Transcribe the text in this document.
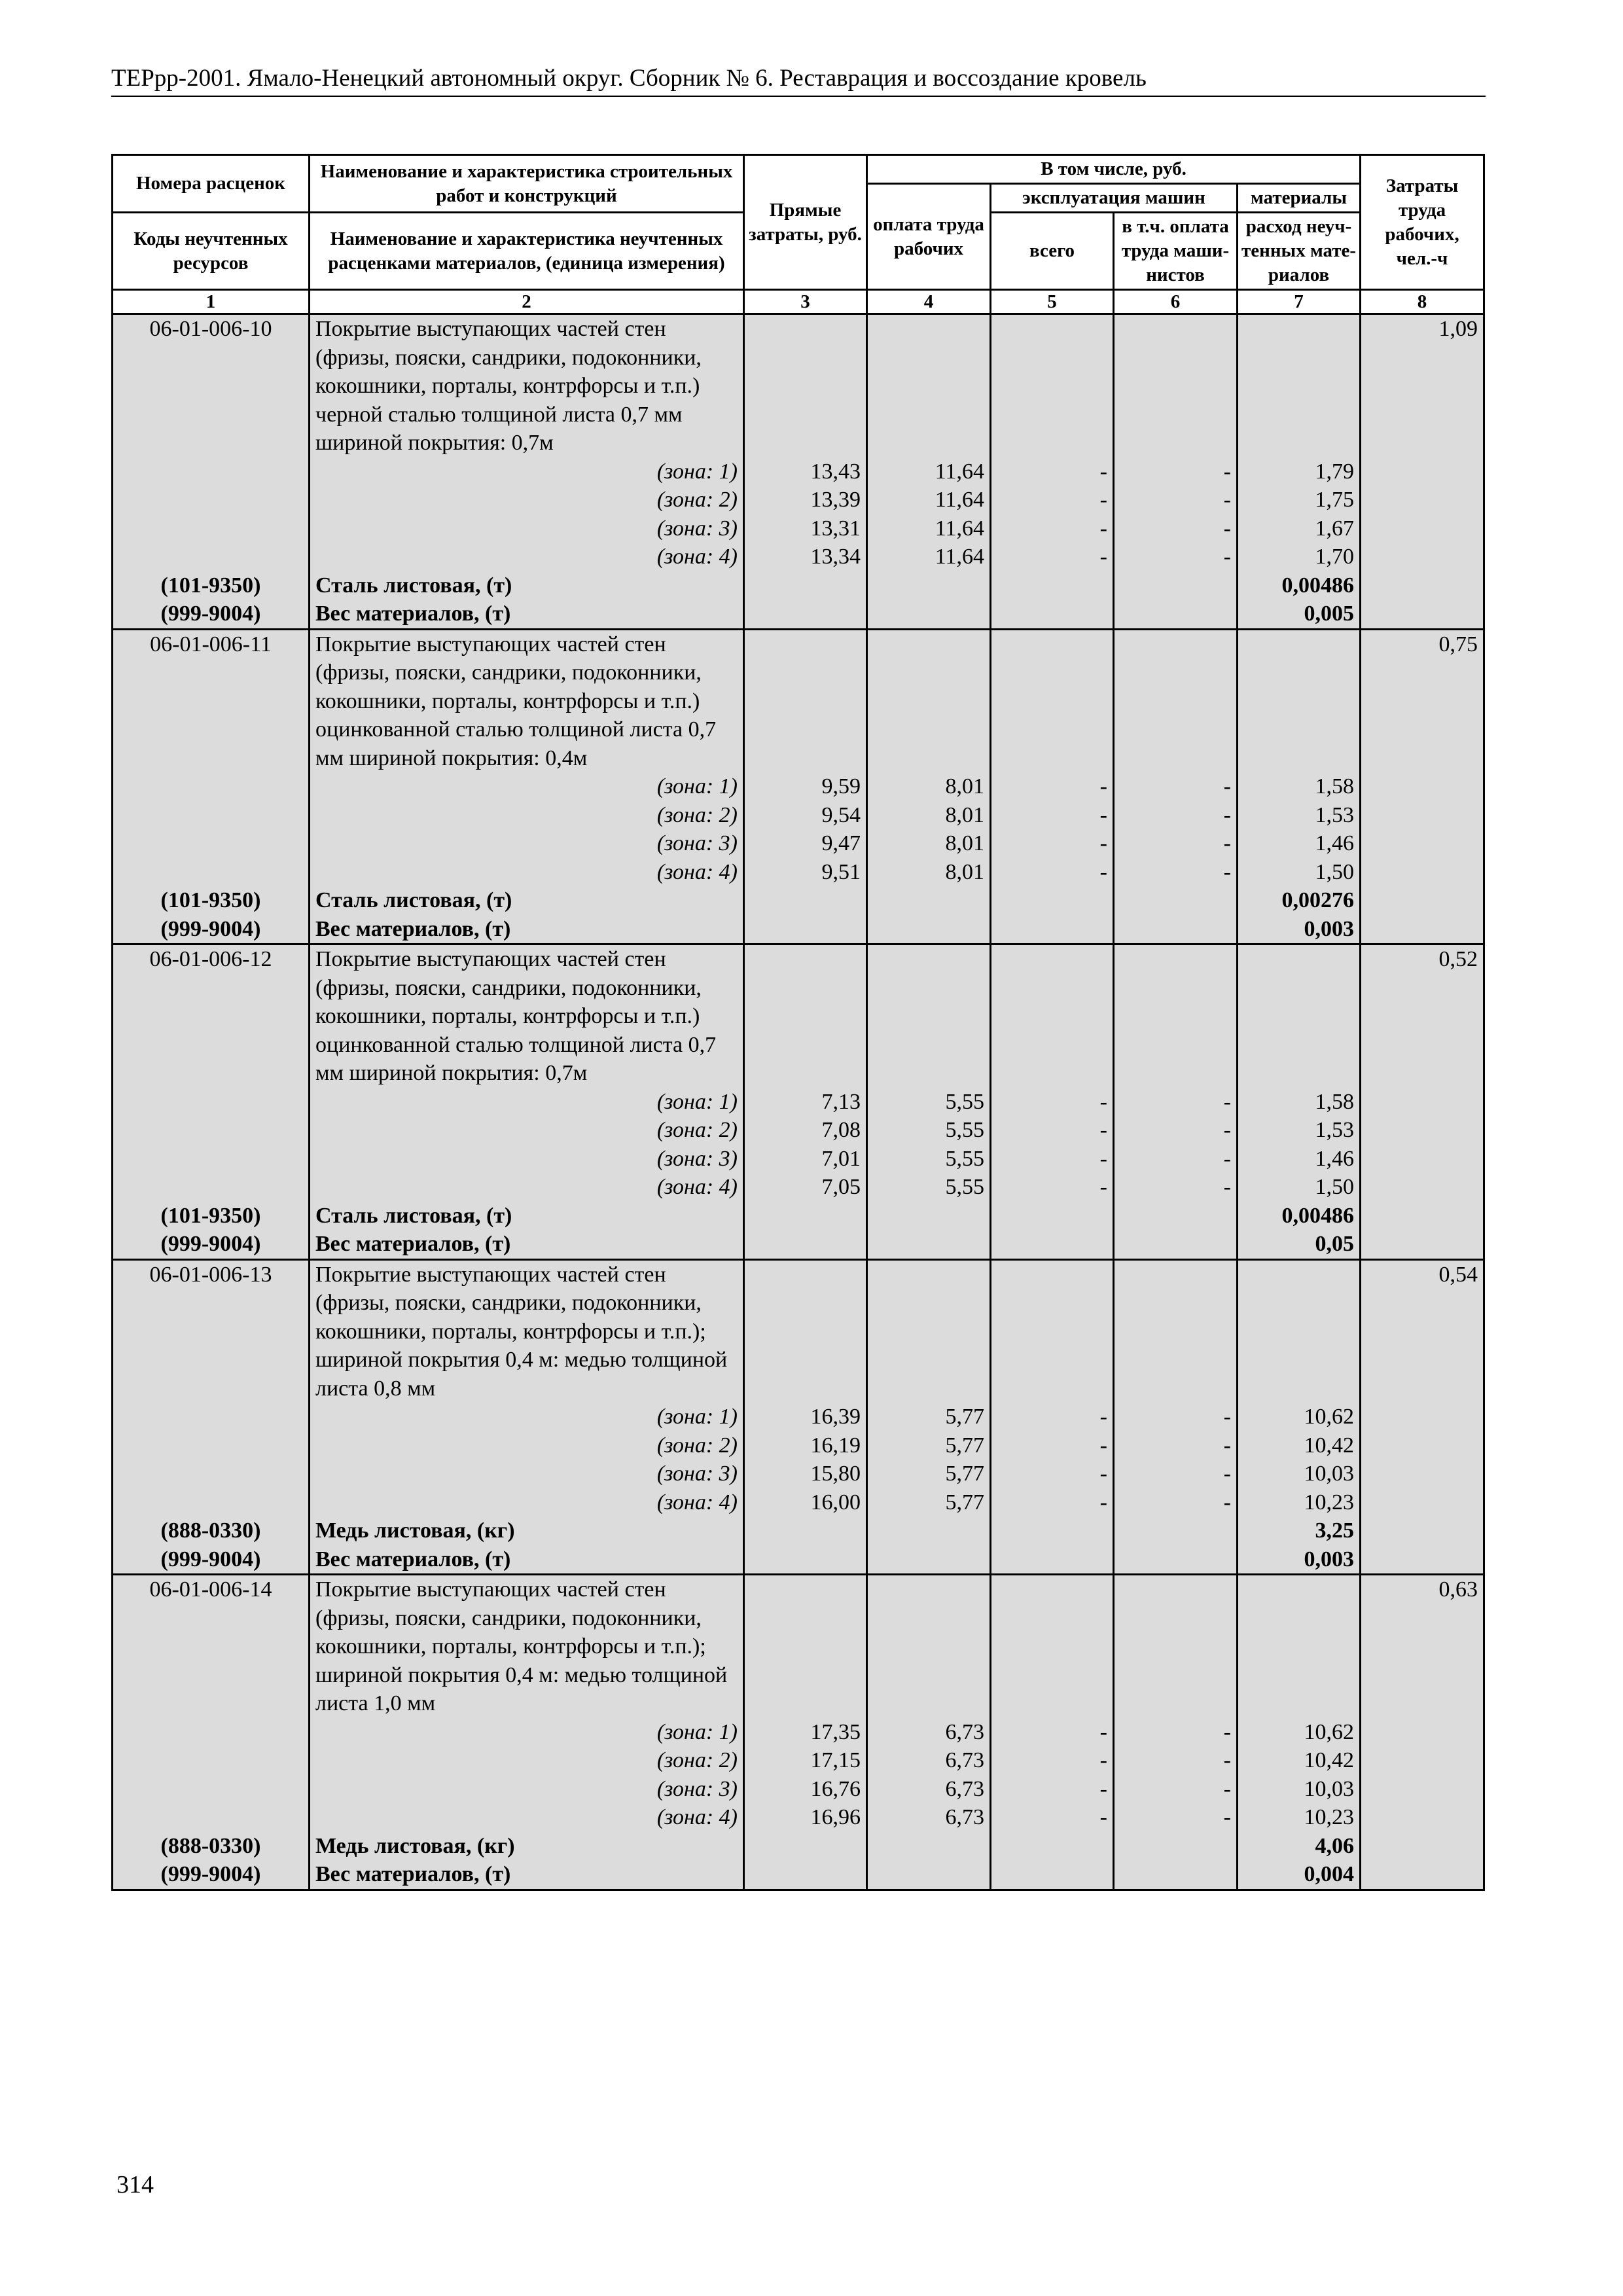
ТЕРрр-2001. Ямало-Ненецкий автономный округ. Сборник № 6. Реставрация и воссоздание кровель
Номера расценок	Наименование и характеристика строительных работ и конструкций	Прямые затраты, руб.	В том числе, руб.				Затраты труда рабочих, чел.-ч
			оплата труда рабочих	эксплуатация машин		материалы	
Коды неучтенных ресурсов	Наименование и характеристика неучтенных расценками материалов, (единица измерения)			всего	в т.ч. оплата труда маши-нистов	расход неуч-тенных мате-риалов	

1	2	3	4	5	6	7	8
06-01-006-10	Покрытие выступающих частей стен (фризы, пояски, сандрики, подоконники, кокошники, порталы, контрфорсы и т.п.) черной сталью толщиной листа 0,7 мм шириной покрытия: 0,7м						1,09
	(зона: 1)	13,43	11,64	-	-	1,79	
	(зона: 2)	13,39	11,64	-	-	1,75	
	(зона: 3)	13,31	11,64	-	-	1,67	
	(зона: 4)	13,34	11,64	-	-	1,70	
(101-9350)	Сталь листовая, (т)					0,00486	
(999-9004)	Вес материалов, (т)					0,005	
06-01-006-11	Покрытие выступающих частей стен (фризы, пояски, сандрики, подоконники, кокошники, порталы, контрфорсы и т.п.) оцинкованной сталью толщиной листа 0,7 мм шириной покрытия: 0,4м						0,75
	(зона: 1)	9,59	8,01	-	-	1,58	
	(зона: 2)	9,54	8,01	-	-	1,53	
	(зона: 3)	9,47	8,01	-	-	1,46	
	(зона: 4)	9,51	8,01	-	-	1,50	
(101-9350)	Сталь листовая, (т)					0,00276	
(999-9004)	Вес материалов, (т)					0,003	
06-01-006-12	Покрытие выступающих частей стен (фризы, пояски, сандрики, подоконники, кокошники, порталы, контрфорсы и т.п.) оцинкованной сталью толщиной листа 0,7 мм шириной покрытия: 0,7м						0,52
	(зона: 1)	7,13	5,55	-	-	1,58	
	(зона: 2)	7,08	5,55	-	-	1,53	
	(зона: 3)	7,01	5,55	-	-	1,46	
	(зона: 4)	7,05	5,55	-	-	1,50	
(101-9350)	Сталь листовая, (т)					0,00486	
(999-9004)	Вес материалов, (т)					0,05	
06-01-006-13	Покрытие выступающих частей стен (фризы, пояски, сандрики, подоконники, кокошники, порталы, контрфорсы и т.п.); шириной покрытия 0,4 м: медью толщиной листа 0,8 мм						0,54
	(зона: 1)	16,39	5,77	-	-	10,62	
	(зона: 2)	16,19	5,77	-	-	10,42	
	(зона: 3)	15,80	5,77	-	-	10,03	
	(зона: 4)	16,00	5,77	-	-	10,23	
(888-0330)	Медь листовая, (кг)					3,25	
(999-9004)	Вес материалов, (т)					0,003	
06-01-006-14	Покрытие выступающих частей стен (фризы, пояски, сандрики, подоконники, кокошники, порталы, контрфорсы и т.п.); шириной покрытия 0,4 м: медью толщиной листа 1,0 мм						0,63
	(зона: 1)	17,35	6,73	-	-	10,62	
	(зона: 2)	17,15	6,73	-	-	10,42	
	(зона: 3)	16,76	6,73	-	-	10,03	
	(зона: 4)	16,96	6,73	-	-	10,23	
(888-0330)	Медь листовая, (кг)					4,06	
(999-9004)	Вес материалов, (т)					0,004	
314
